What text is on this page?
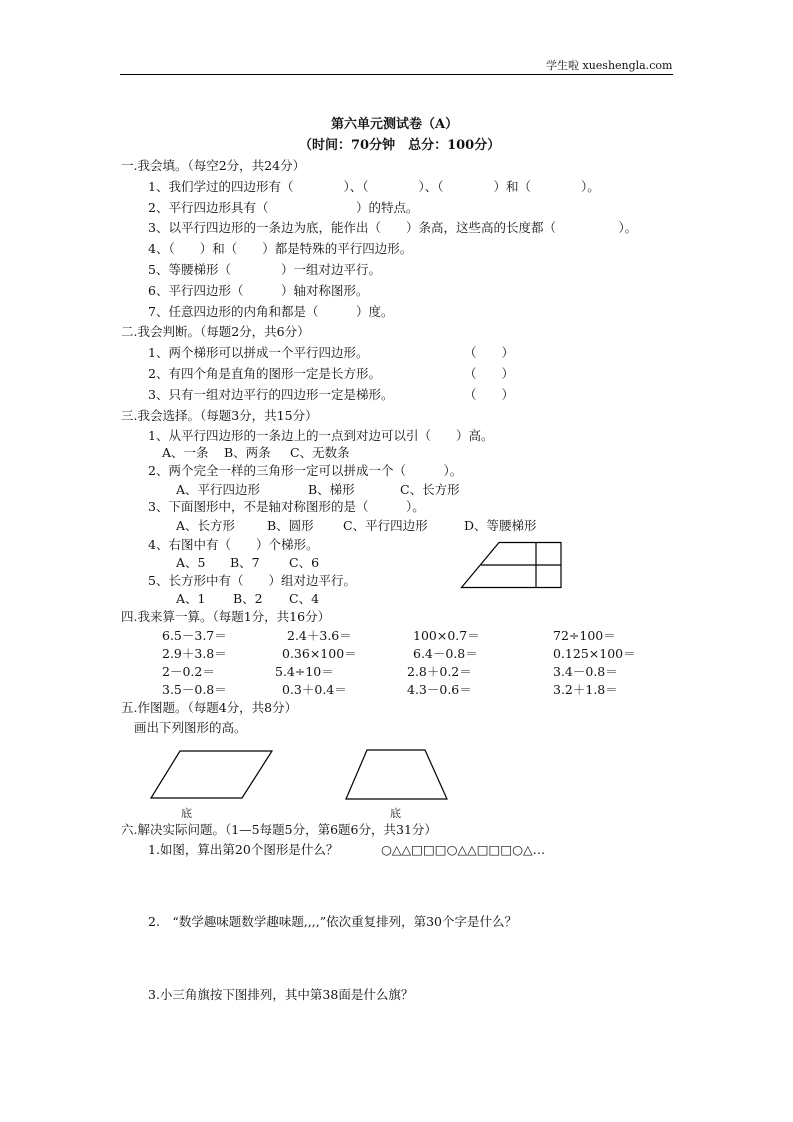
学生啦 xueshengla.com
第六单元测试卷（A）
（时间：70分钟　总分：100分）
一.我会填。（每空2分，共24分）
1、我们学过的四边形有（　　　　）、（　　　　）、（　　　　）和（　　　　）。
2、平行四边形具有（　　　　　　　）的特点。
3、以平行四边形的一条边为底，能作出（　　）条高，这些高的长度都（　　　　　）。
4、（　　）和（　　）都是特殊的平行四边形。
5、等腰梯形（　　　　）一组对边平行。
6、平行四边形（　　　）轴对称图形。
7、任意四边形的内角和都是（　　　）度。
二.我会判断。（每题2分，共6分）
1、两个梯形可以拼成一个平行四边形。	（　　）
2、有四个角是直角的图形一定是长方形。	（　　）
3、只有一组对边平行的四边形一定是梯形。	（　　）
三.我会选择。（每题3分，共15分）
1、从平行四边形的一条边上的一点到对边可以引（　　）高。
A、一条 B、两条 C、无数条
2、两个完全一样的三角形一定可以拼成一个（　　　）。
A、平行四边形	B、梯形	C、长方形
3、下面图形中，不是轴对称图形的是（　　　）。
A、长方形	B、圆形 C、平行四边形	D、等腰梯形
4、右图中有（　　）个梯形。
A、5 B、7 C、6
5、长方形中有（　　）组对边平行。
A、1 B、2 C、4
四.我来算一算。（每题1分，共16分）
6.5－3.7＝	2.4＋3.6＝	100×0.7＝	72÷100＝
2.9＋3.8＝	0.36×100＝	6.4－0.8＝	0.125×100＝
2－0.2＝	5.4÷10＝	2.8＋0.2＝	3.4－0.8＝
3.5－0.8＝	0.3＋0.4＝	4.3－0.6＝	3.2＋1.8＝
五.作图题。（每题4分，共8分）
画出下列图形的高。
底	底
六.解决实际问题。（1—5每题5分，第6题6分，共31分）
1.如图，算出第20个图形是什么？	○△△□□□○△△□□□○△…
2.　“数学趣味题数学趣味题,,,,”依次重复排列，第30个字是什么？
3.小三角旗按下图排列，其中第38面是什么旗？
